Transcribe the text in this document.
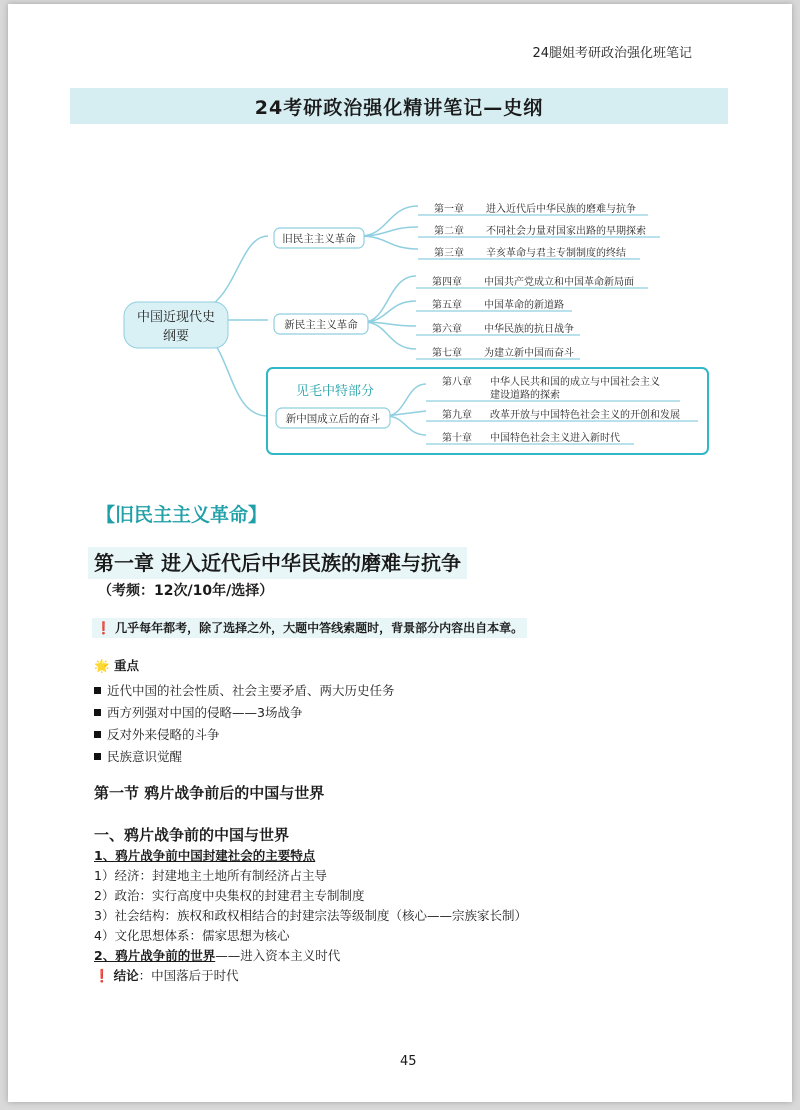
24腿姐考研政治强化班笔记
24考研政治强化精讲笔记—史纲
中国近现代史
纲要
旧民主主义革命
新民主主义革命
新中国成立后的奋斗
见毛中特部分
第一章 进入近代后中华民族的磨难与抗争
第二章 不同社会力量对国家出路的早期探索
第三章 辛亥革命与君主专制制度的终结
第四章 中国共产党成立和中国革命新局面
第五章 中国革命的新道路
第六章 中华民族的抗日战争
第七章 为建立新中国而奋斗
第八章 中华人民共和国的成立与中国社会主义
建设道路的探索
第九章 改革开放与中国特色社会主义的开创和发展
第十章 中国特色社会主义进入新时代
【旧民主主义革命】
第一章 进入近代后中华民族的磨难与抗争
（考频：12次/10年/选择）
❗ 几乎每年都考，除了选择之外，大题中答线索题时，背景部分内容出自本章。
🌟 重点
近代中国的社会性质、社会主要矛盾、两大历史任务
西方列强对中国的侵略——3场战争
反对外来侵略的斗争
民族意识觉醒
第一节 鸦片战争前后的中国与世界
一、鸦片战争前的中国与世界
1、鸦片战争前中国封建社会的主要特点
1）经济：封建地主土地所有制经济占主导
2）政治：实行高度中央集权的封建君主专制制度
3）社会结构：族权和政权相结合的封建宗法等级制度（核心——宗族家长制）
4）文化思想体系：儒家思想为核心
2、鸦片战争前的世界——进入资本主义时代
❗ 结论：中国落后于时代
45
